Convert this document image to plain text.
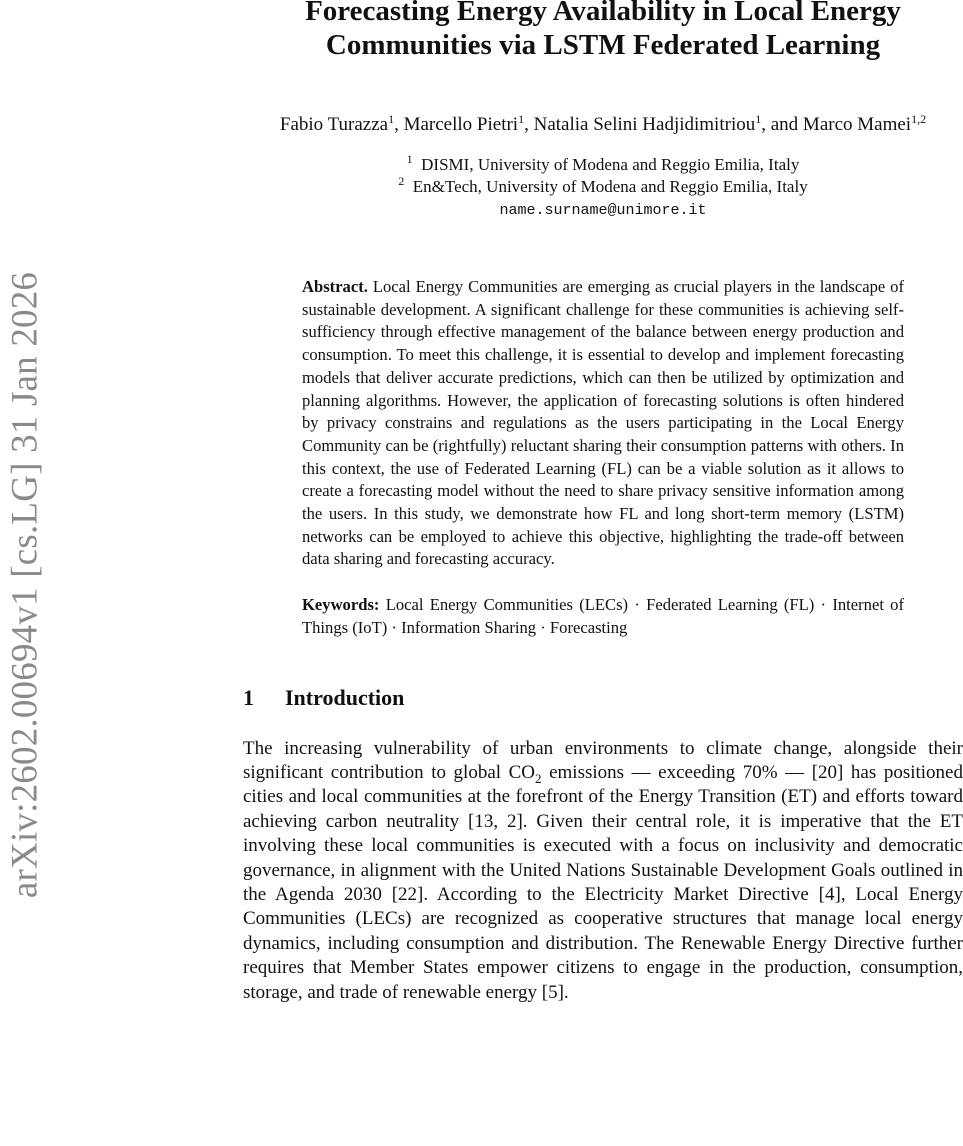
arXiv:2602.00694v1 [cs.LG] 31 Jan 2026
Forecasting Energy Availability in Local Energy Communities via LSTM Federated Learning
Fabio Turazza$^1$, Marcello Pietri$^1$, Natalia Selini Hadjidimitriou$^1$, and Marco Mamei$^{1,2}$
$^1$ DISMI, University of Modena and Reggio Emilia, Italy
$^2$ En&Tech, University of Modena and Reggio Emilia, Italy
name.surname@unimore.it
Abstract. Local Energy Communities are emerging as crucial players in the landscape of sustainable development. A significant challenge for these communities is achieving self-sufficiency through effective management of the balance between energy production and consumption. To meet this challenge, it is essential to develop and implement forecasting models that deliver accurate predictions, which can then be utilized by optimization and planning algorithms. However, the application of forecasting solutions is often hindered by privacy constrains and regulations as the users participating in the Local Energy Community can be (rightfully) reluctant sharing their consumption patterns with others. In this context, the use of Federated Learning (FL) can be a viable solution as it allows to create a forecasting model without the need to share privacy sensitive information among the users. In this study, we demonstrate how FL and long short-term memory (LSTM) networks can be employed to achieve this objective, highlighting the trade-off between data sharing and forecasting accuracy.
Keywords: Local Energy Communities (LECs) · Federated Learning (FL) · Internet of Things (IoT) · Information Sharing · Forecasting
1 Introduction

The increasing vulnerability of urban environments to climate change, alongside their significant contribution to global $CO_2$ emissions — exceeding 70% — [20] has positioned cities and local communities at the forefront of the Energy Transition (ET) and efforts toward achieving carbon neutrality [13, 2]. Given their central role, it is imperative that the ET involving these local communities is executed with a focus on inclusivity and democratic governance, in alignment with the United Nations Sustainable Development Goals outlined in the Agenda 2030 [22]. According to the Electricity Market Directive [4], Local Energy Communities (LECs) are recognized as cooperative structures that manage local energy dynamics, including consumption and distribution. The Renewable Energy Directive further requires that Member States empower citizens to engage in the production, consumption, storage, and trade of renewable energy [5].
